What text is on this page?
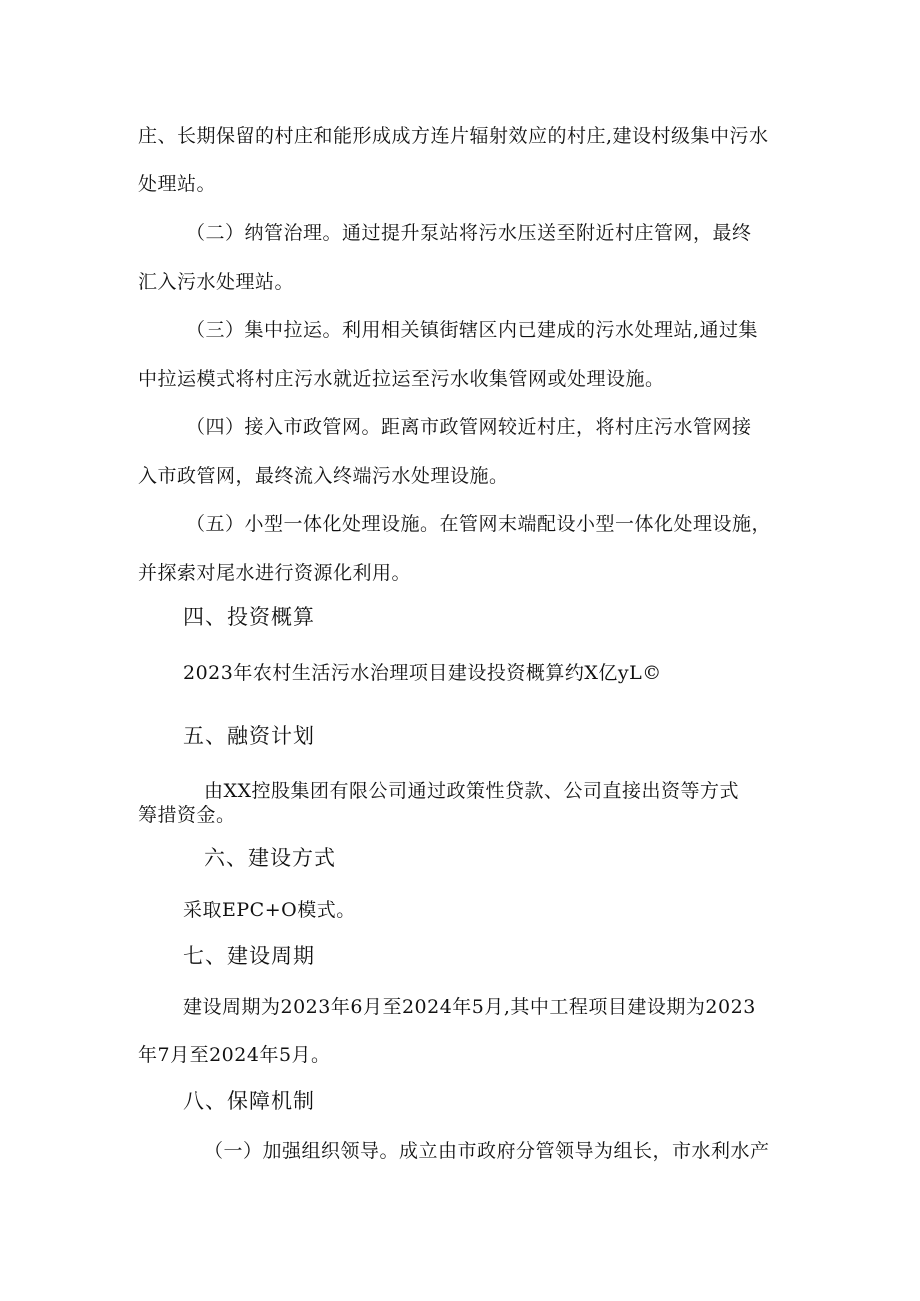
庄、长期保留的村庄和能形成成方连片辐射效应的村庄,建设村级集中污水
处理站。
（二）纳管治理。通过提升泵站将污水压送至附近村庄管网，最终
汇入污水处理站。
（三）集中拉运。利用相关镇街辖区内已建成的污水处理站,通过集
中拉运模式将村庄污水就近拉运至污水收集管网或处理设施。
（四）接入市政管网。距离市政管网较近村庄，将村庄污水管网接
入市政管网，最终流入终端污水处理设施。
（五）小型一体化处理设施。在管网末端配设小型一体化处理设施，
并探索对尾水进行资源化利用。
四、投资概算
2023年农村生活污水治理项目建设投资概算约X亿yL©
五、融资计划
由XX控股集团有限公司通过政策性贷款、公司直接出资等方式
筹措资金。
六、建设方式
采取EPC+O模式。
七、建设周期
建设周期为2023年6月至2024年5月,其中工程项目建设期为2023
年7月至2024年5月。
八、保障机制
（一）加强组织领导。成立由市政府分管领导为组长，市水利水产
